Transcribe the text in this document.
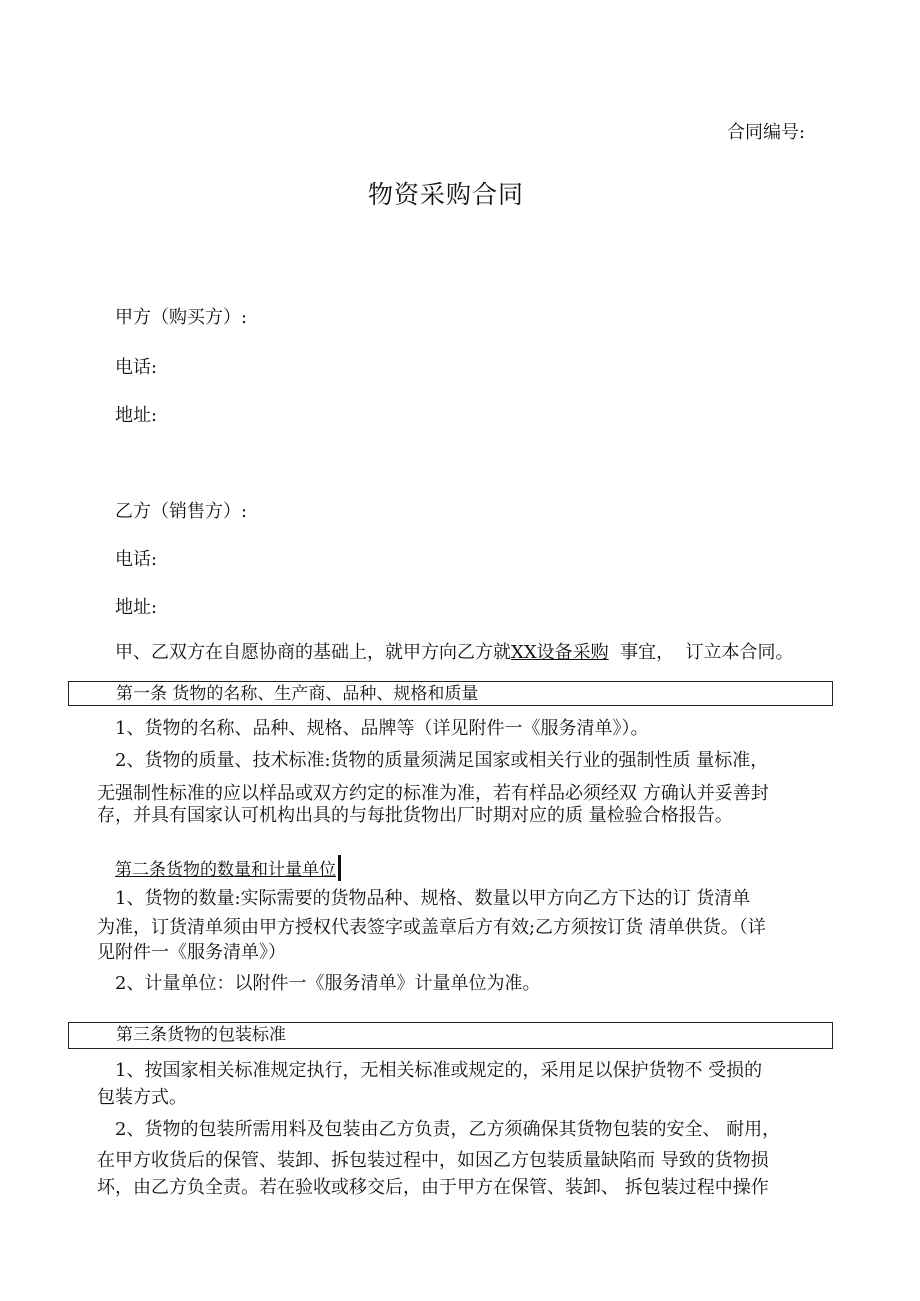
合同编号:
物资采购合同
甲方（购买方）:
电话:
地址:
乙方（销售方）:
电话:
地址:
甲、乙双方在自愿协商的基础上，就甲方向乙方就XX设备采购 事宜， 订立本合同。
第一条 货物的名称、生产商、品种、规格和质量
1、货物的名称、品种、规格、品牌等（详见附件一《服务清单》）。
2、货物的质量、技术标准:货物的质量须满足国家或相关行业的强制性质 量标准，
无强制性标准的应以样品或双方约定的标准为准，若有样品必须经双 方确认并妥善封
存，并具有国家认可机构出具的与每批货物出厂时期对应的质 量检验合格报告。
第二条货物的数量和计量单位
1、货物的数量:实际需要的货物品种、规格、数量以甲方向乙方下达的订 货清单
为准，订货清单须由甲方授权代表签字或盖章后方有效;乙方须按订货 清单供货。（详
见附件一《服务清单》）
2、计量单位：以附件一《服务清单》计量单位为准。
第三条货物的包装标准
1、按国家相关标准规定执行，无相关标准或规定的，采用足以保护货物不 受损的
包装方式。
2、货物的包装所需用料及包装由乙方负责，乙方须确保其货物包装的安全、 耐用，
在甲方收货后的保管、装卸、拆包装过程中，如因乙方包装质量缺陷而 导致的货物损
坏，由乙方负全责。若在验收或移交后，由于甲方在保管、装卸、 拆包装过程中操作
